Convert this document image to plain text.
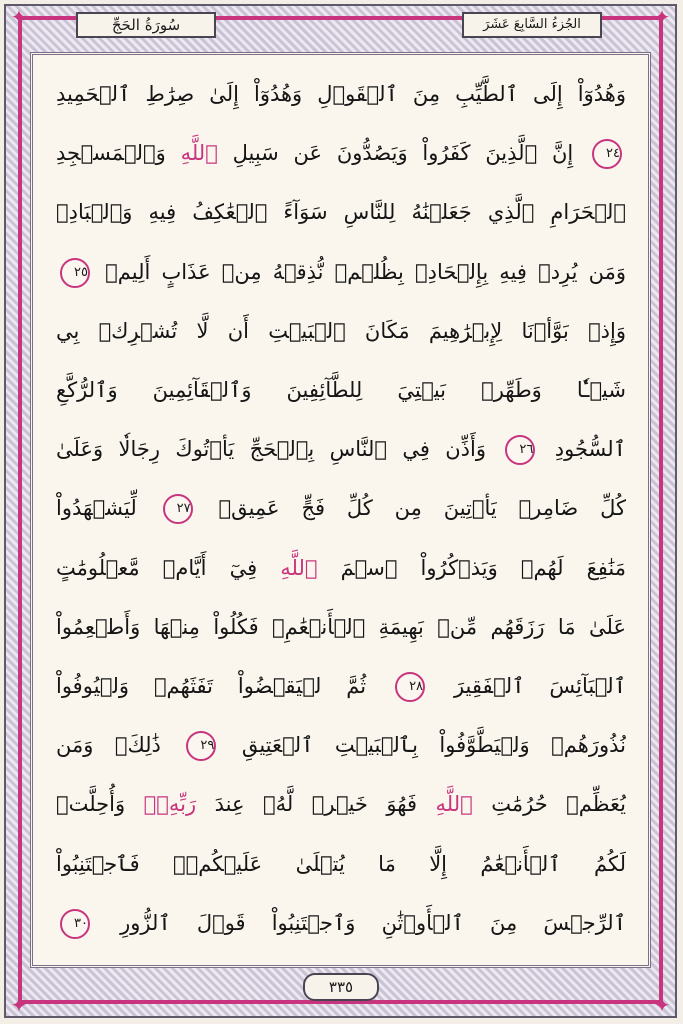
✦	✦
✦	✦
سُورَةُ الحَجِّ	الجُزءُ السَّابِعَ عَشَرَ
وَهُدُوٓاْ إِلَى ٱلطَّيِّبِ مِنَ ٱلۡقَوۡلِ وَهُدُوٓاْ إِلَىٰ صِرَٰطِ ٱلۡحَمِيدِ
٢٤ إِنَّ ٱلَّذِينَ كَفَرُواْ وَيَصُدُّونَ عَن سَبِيلِ ٱللَّهِ وَٱلۡمَسۡجِدِ
ٱلۡحَرَامِ ٱلَّذِي جَعَلۡنَٰهُ لِلنَّاسِ سَوَآءً ٱلۡعَٰكِفُ فِيهِ وَٱلۡبَادِۚ
وَمَن يُرِدۡ فِيهِ بِإِلۡحَادِۭ بِظُلۡمٖ نُّذِقۡهُ مِنۡ عَذَابٍ أَلِيمٖ ٢٥
وَإِذۡ بَوَّأۡنَا لِإِبۡرَٰهِيمَ مَكَانَ ٱلۡبَيۡتِ أَن لَّا تُشۡرِكۡ بِي
شَيۡـٔٗا وَطَهِّرۡ بَيۡتِيَ لِلطَّآئِفِينَ وَٱلۡقَآئِمِينَ وَٱلرُّكَّعِ
ٱلسُّجُودِ ٢٦ وَأَذِّن فِي ٱلنَّاسِ بِٱلۡحَجِّ يَأۡتُوكَ رِجَالٗا وَعَلَىٰ
كُلِّ ضَامِرٖ يَأۡتِينَ مِن كُلِّ فَجٍّ عَمِيقٖ ٢٧ لِّيَشۡهَدُواْ
مَنَٰفِعَ لَهُمۡ وَيَذۡكُرُواْ ٱسۡمَ ٱللَّهِ فِيٓ أَيَّامٖ مَّعۡلُومَٰتٍ
عَلَىٰ مَا رَزَقَهُم مِّنۢ بَهِيمَةِ ٱلۡأَنۡعَٰمِۖ فَكُلُواْ مِنۡهَا وَأَطۡعِمُواْ
ٱلۡبَآئِسَ ٱلۡفَقِيرَ ٢٨ ثُمَّ لۡيَقۡضُواْ تَفَثَهُمۡ وَلۡيُوفُواْ
نُذُورَهُمۡ وَلۡيَطَّوَّفُواْ بِٱلۡبَيۡتِ ٱلۡعَتِيقِ ٢٩ ذَٰلِكَۖ وَمَن
يُعَظِّمۡ حُرُمَٰتِ ٱللَّهِ فَهُوَ خَيۡرٞ لَّهُۥ عِندَ رَبِّهِۦۗ وَأُحِلَّتۡ
لَكُمُ ٱلۡأَنۡعَٰمُ إِلَّا مَا يُتۡلَىٰ عَلَيۡكُمۡۖ فَٱجۡتَنِبُواْ
ٱلرِّجۡسَ مِنَ ٱلۡأَوۡثَٰنِ وَٱجۡتَنِبُواْ قَوۡلَ ٱلزُّورِ ٣٠
٣٣٥
